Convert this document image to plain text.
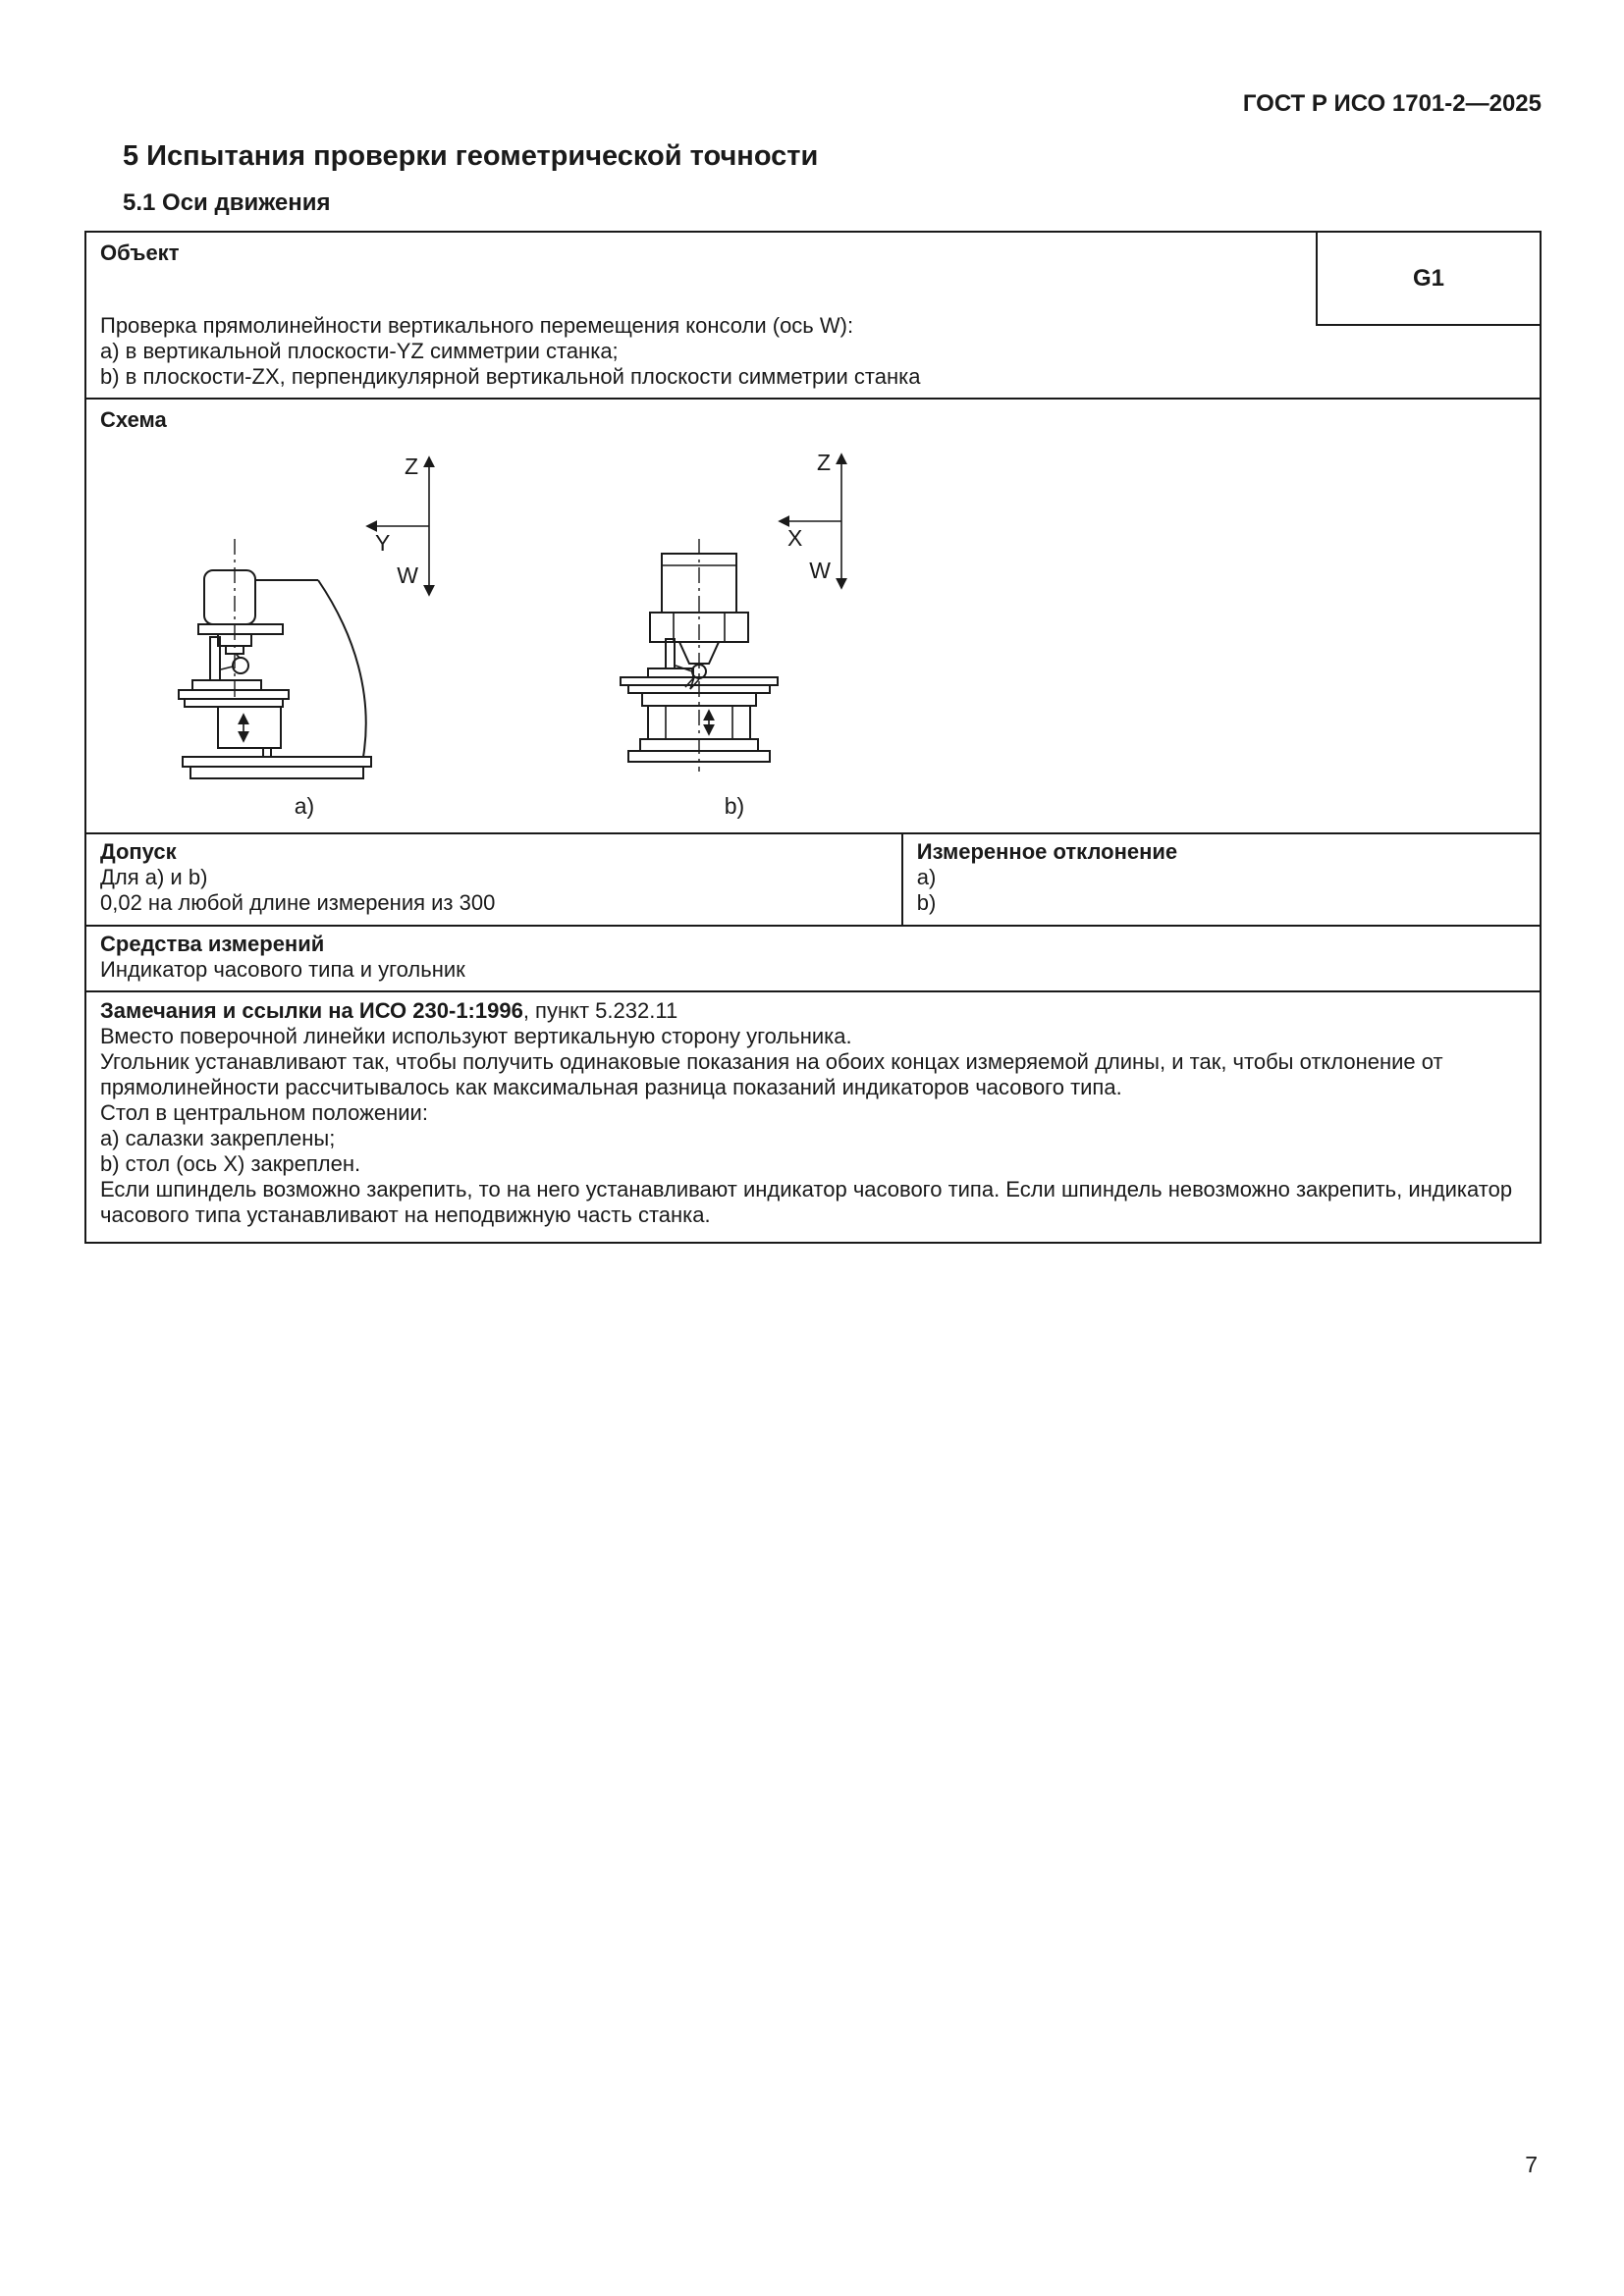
ГОСТ Р ИСО 1701-2—2025
5 Испытания проверки геометрической точности
5.1 Оси движения
Объект
G1
Проверка прямолинейности вертикального перемещения консоли (ось W):
a) в вертикальной плоскости-YZ симметрии станка;
b) в плоскости-ZX, перпендикулярной вертикальной плоскости симметрии станка
Схема
Z
Y
W
Z
X
W
a)	b)
Допуск
Для a) и b)
0,02 на любой длине измерения из 300
Измеренное отклонение
a)
b)
Средства измерений
Индикатор часового типа и угольник
Замечания и ссылки на ИСО 230-1:1996, пункт 5.232.11
Вместо поверочной линейки используют вертикальную сторону угольника.
Угольник устанавливают так, чтобы получить одинаковые показания на обоих концах измеряемой длины, и так, чтобы отклонение от прямолинейности рассчитывалось как максимальная разница показаний индикаторов часового типа.
Стол в центральном положении:
a) салазки закреплены;
b) стол (ось X) закреплен.
Если шпиндель возможно закрепить, то на него устанавливают индикатор часового типа. Если шпиндель невозможно закрепить, индикатор часового типа устанавливают на неподвижную часть станка.
7
